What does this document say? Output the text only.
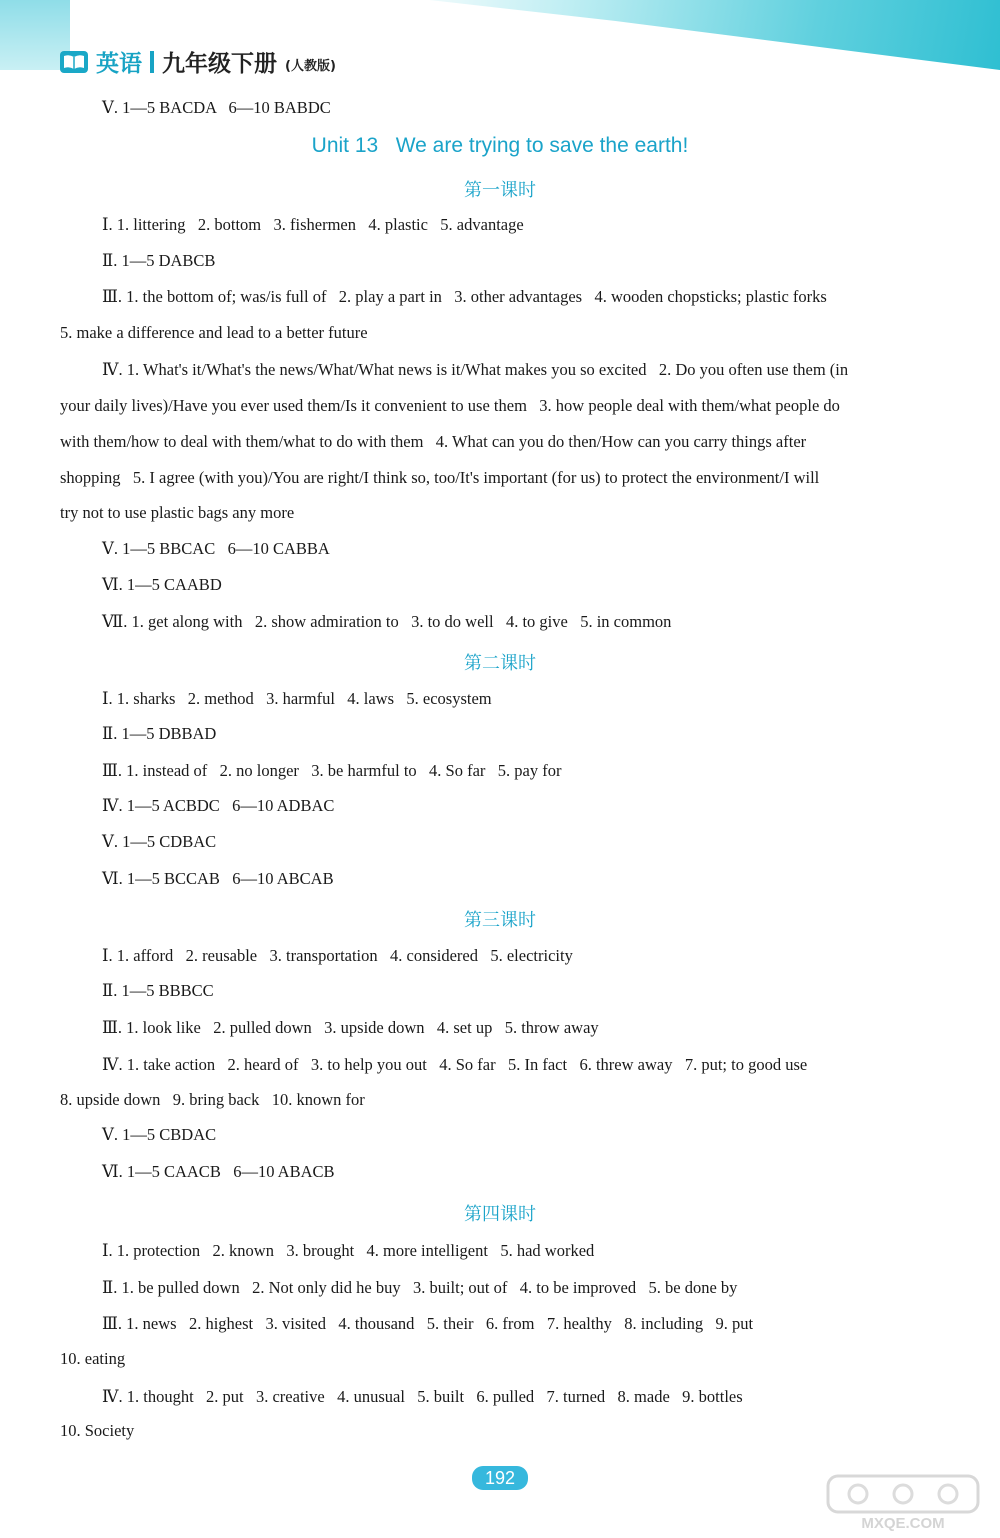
英语 九年级下册 (人教版)
Ⅴ. 1—5 BACDA   6—10 BABDC
Unit 13   We are trying to save the earth!
第一课时
Ⅰ. 1. littering   2. bottom   3. fishermen   4. plastic   5. advantage
Ⅱ. 1—5 DABCB
Ⅲ. 1. the bottom of; was/is full of   2. play a part in   3. other advantages   4. wooden chopsticks; plastic forks
5. make a difference and lead to a better future
Ⅳ. 1. What's it/What's the news/What/What news is it/What makes you so excited   2. Do you often use them (in
your daily lives)/Have you ever used them/Is it convenient to use them   3. how people deal with them/what people do
with them/how to deal with them/what to do with them   4. What can you do then/How can you carry things after
shopping   5. I agree (with you)/You are right/I think so, too/It's important (for us) to protect the environment/I will
try not to use plastic bags any more
Ⅴ. 1—5 BBCAC   6—10 CABBA
Ⅵ. 1—5 CAABD
Ⅶ. 1. get along with   2. show admiration to   3. to do well   4. to give   5. in common
第二课时
Ⅰ. 1. sharks   2. method   3. harmful   4. laws   5. ecosystem
Ⅱ. 1—5 DBBAD
Ⅲ. 1. instead of   2. no longer   3. be harmful to   4. So far   5. pay for
Ⅳ. 1—5 ACBDC   6—10 ADBAC
Ⅴ. 1—5 CDBAC
Ⅵ. 1—5 BCCAB   6—10 ABCAB
第三课时
Ⅰ. 1. afford   2. reusable   3. transportation   4. considered   5. electricity
Ⅱ. 1—5 BBBCC
Ⅲ. 1. look like   2. pulled down   3. upside down   4. set up   5. throw away
Ⅳ. 1. take action   2. heard of   3. to help you out   4. So far   5. In fact   6. threw away   7. put; to good use
8. upside down   9. bring back   10. known for
Ⅴ. 1—5 CBDAC
Ⅵ. 1—5 CAACB   6—10 ABACB
第四课时
Ⅰ. 1. protection   2. known   3. brought   4. more intelligent   5. had worked
Ⅱ. 1. be pulled down   2. Not only did he buy   3. built; out of   4. to be improved   5. be done by
Ⅲ. 1. news   2. highest   3. visited   4. thousand   5. their   6. from   7. healthy   8. including   9. put
10. eating
Ⅳ. 1. thought   2. put   3. creative   4. unusual   5. built   6. pulled   7. turned   8. made   9. bottles
10. Society
192
MXQE.COM
